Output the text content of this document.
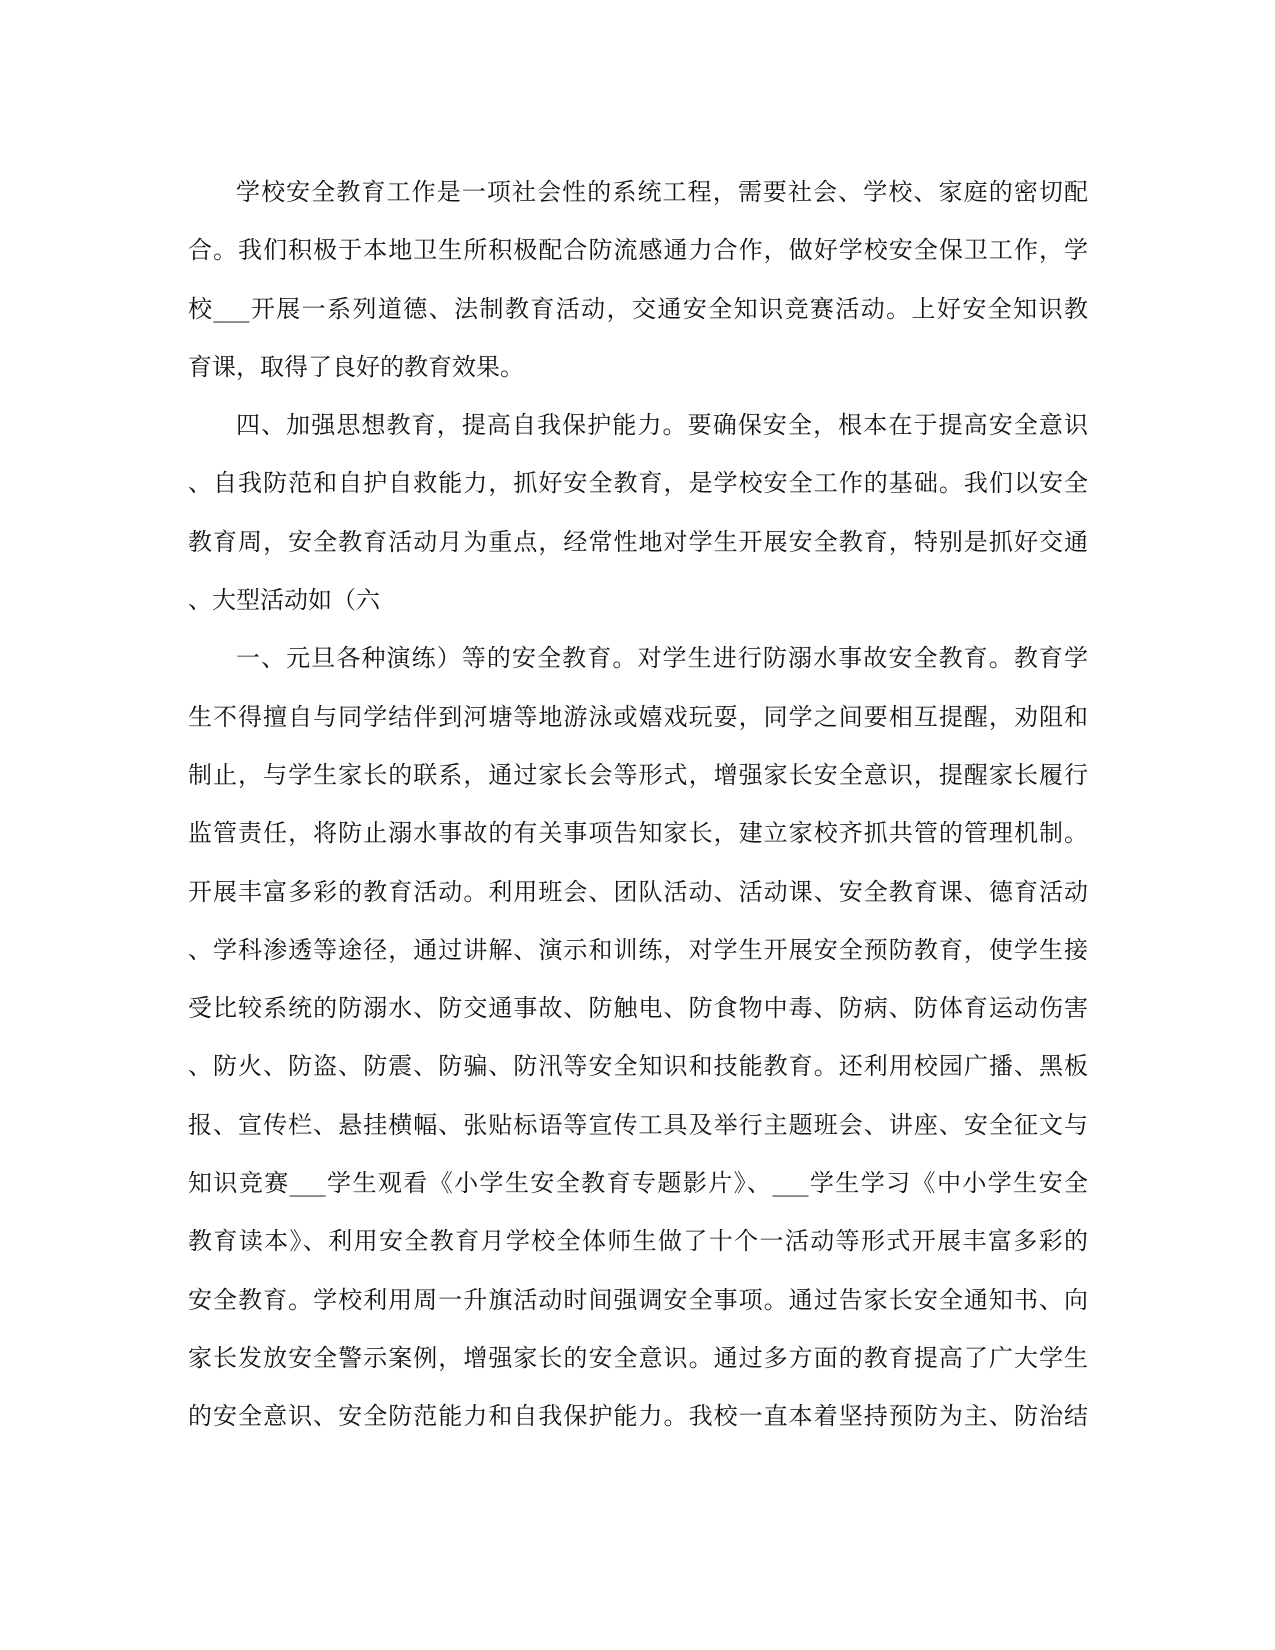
学校安全教育工作是一项社会性的系统工程，需要社会、学校、家庭的密切配
合。我们积极于本地卫生所积极配合防流感通力合作，做好学校安全保卫工作，学
校___开展一系列道德、法制教育活动，交通安全知识竞赛活动。上好安全知识教
育课，取得了良好的教育效果。
四、加强思想教育，提高自我保护能力。要确保安全，根本在于提高安全意识
、自我防范和自护自救能力，抓好安全教育，是学校安全工作的基础。我们以安全
教育周，安全教育活动月为重点，经常性地对学生开展安全教育，特别是抓好交通
、大型活动如（六
一、元旦各种演练）等的安全教育。对学生进行防溺水事故安全教育。教育学
生不得擅自与同学结伴到河塘等地游泳或嬉戏玩耍，同学之间要相互提醒，劝阻和
制止，与学生家长的联系，通过家长会等形式，增强家长安全意识，提醒家长履行
监管责任，将防止溺水事故的有关事项告知家长，建立家校齐抓共管的管理机制。
开展丰富多彩的教育活动。利用班会、团队活动、活动课、安全教育课、德育活动
、学科渗透等途径，通过讲解、演示和训练，对学生开展安全预防教育，使学生接
受比较系统的防溺水、防交通事故、防触电、防食物中毒、防病、防体育运动伤害
、防火、防盗、防震、防骗、防汛等安全知识和技能教育。还利用校园广播、黑板
报、宣传栏、悬挂横幅、张贴标语等宣传工具及举行主题班会、讲座、安全征文与
知识竞赛___学生观看《小学生安全教育专题影片》、___学生学习《中小学生安全
教育读本》、利用安全教育月学校全体师生做了十个一活动等形式开展丰富多彩的
安全教育。学校利用周一升旗活动时间强调安全事项。通过告家长安全通知书、向
家长发放安全警示案例，增强家长的安全意识。通过多方面的教育提高了广大学生
的安全意识、安全防范能力和自我保护能力。我校一直本着坚持预防为主、防治结
